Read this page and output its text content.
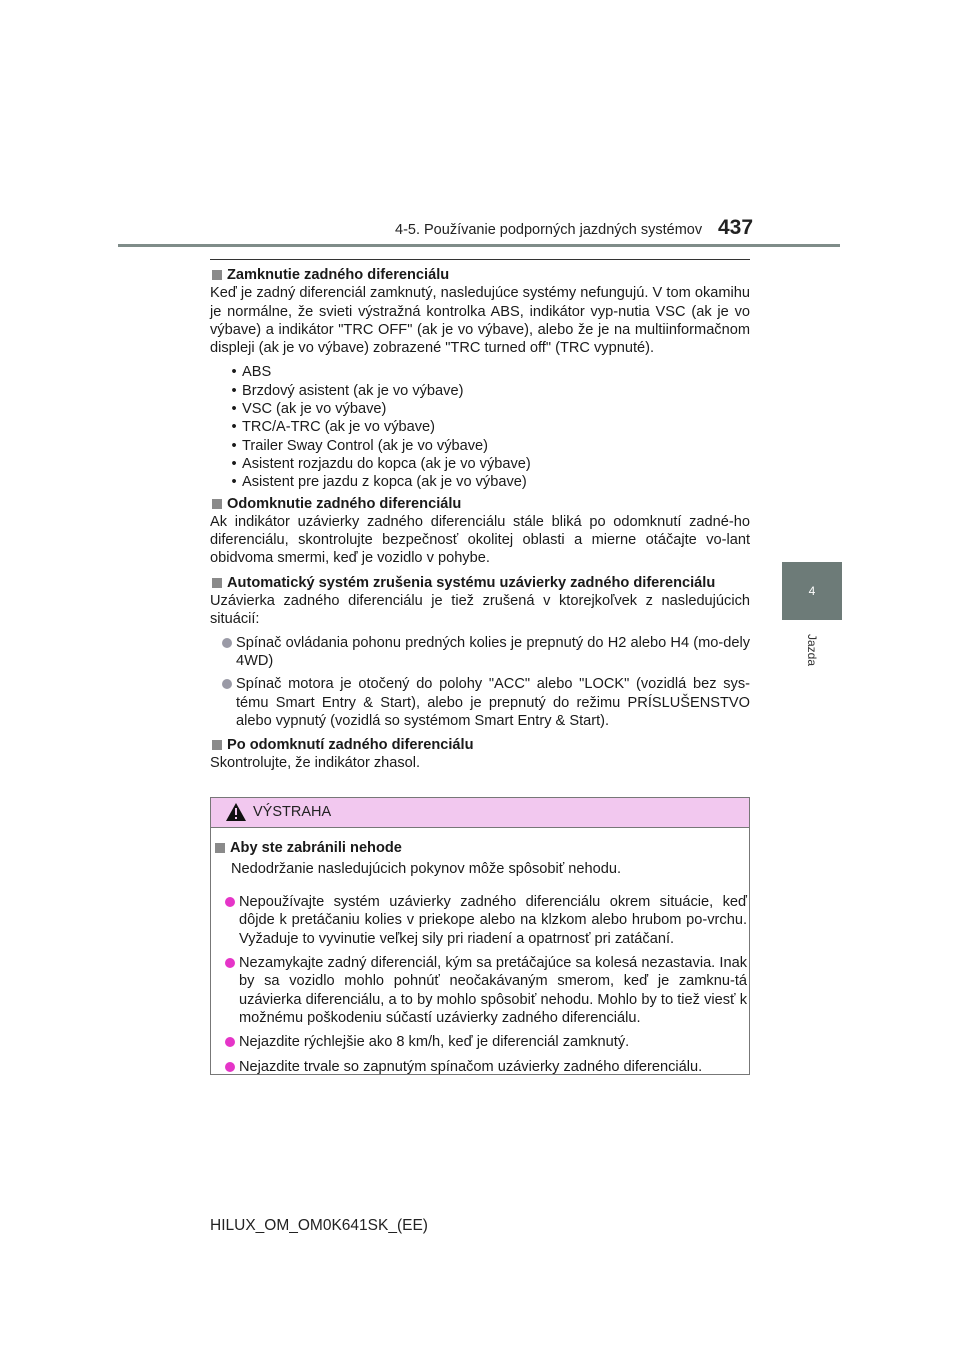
4-5. Používanie podporných jazdných systémov 437
4
Jazda
Zamknutie zadného diferenciálu

Keď je zadný diferenciál zamknutý, nasledujúce systémy nefungujú. V tom okamihu je normálne, že svieti výstražná kontrolka ABS, indikátor vyp-nutia VSC (ak je vo výbave) a indikátor "TRC OFF" (ak je vo výbave), alebo že je na multiinformačnom displeji (ak je vo výbave) zobrazené "TRC turned off" (TRC vypnuté).

• ABS
• Brzdový asistent (ak je vo výbave)
• VSC (ak je vo výbave)
• TRC/A-TRC (ak je vo výbave)
• Trailer Sway Control (ak je vo výbave)
• Asistent rozjazdu do kopca (ak je vo výbave)
• Asistent pre jazdu z kopca (ak je vo výbave)
Odomknutie zadného diferenciálu

Ak indikátor uzávierky zadného diferenciálu stále bliká po odomknutí zadné-ho diferenciálu, skontrolujte bezpečnosť okolitej oblasti a mierne otáčajte vo-lant obidvoma smermi, keď je vozidlo v pohybe.

Automatický systém zrušenia systému uzávierky zadného diferenciálu

Uzávierka zadného diferenciálu je tiež zrušená v ktorejkoľvek z nasledujúcich situácií:

Spínač ovládania pohonu predných kolies je prepnutý do H2 alebo H4 (mo-dely 4WD)
Spínač motora je otočený do polohy "ACC" alebo "LOCK" (vozidlá bez sys-tému Smart Entry & Start), alebo je prepnutý do režimu PRÍSLUŠENSTVO alebo vypnutý (vozidlá so systémom Smart Entry & Start).
Po odomknutí zadného diferenciálu

Skontrolujte, že indikátor zhasol.

VÝSTRAHA
Aby ste zabránili nehode

Nedodržanie nasledujúcich pokynov môže spôsobiť nehodu.

Nepoužívajte systém uzávierky zadného diferenciálu okrem situácie, keď dôjde k pretáčaniu kolies v priekope alebo na klzkom alebo hrubom po-vrchu. Vyžaduje to vyvinutie veľkej sily pri riadení a opatrnosť pri zatáčaní.
Nezamykajte zadný diferenciál, kým sa pretáčajúce sa kolesá nezastavia. Inak by sa vozidlo mohlo pohnúť neočakávaným smerom, keď je zamknu-tá uzávierka diferenciálu, a to by mohlo spôsobiť nehodu. Mohlo by to tiež viesť k možnému poškodeniu súčastí uzávierky zadného diferenciálu.
Nejazdite rýchlejšie ako 8 km/h, keď je diferenciál zamknutý.
Nejazdite trvale so zapnutým spínačom uzávierky zadného diferenciálu.
HILUX_OM_OM0K641SK_(EE)
